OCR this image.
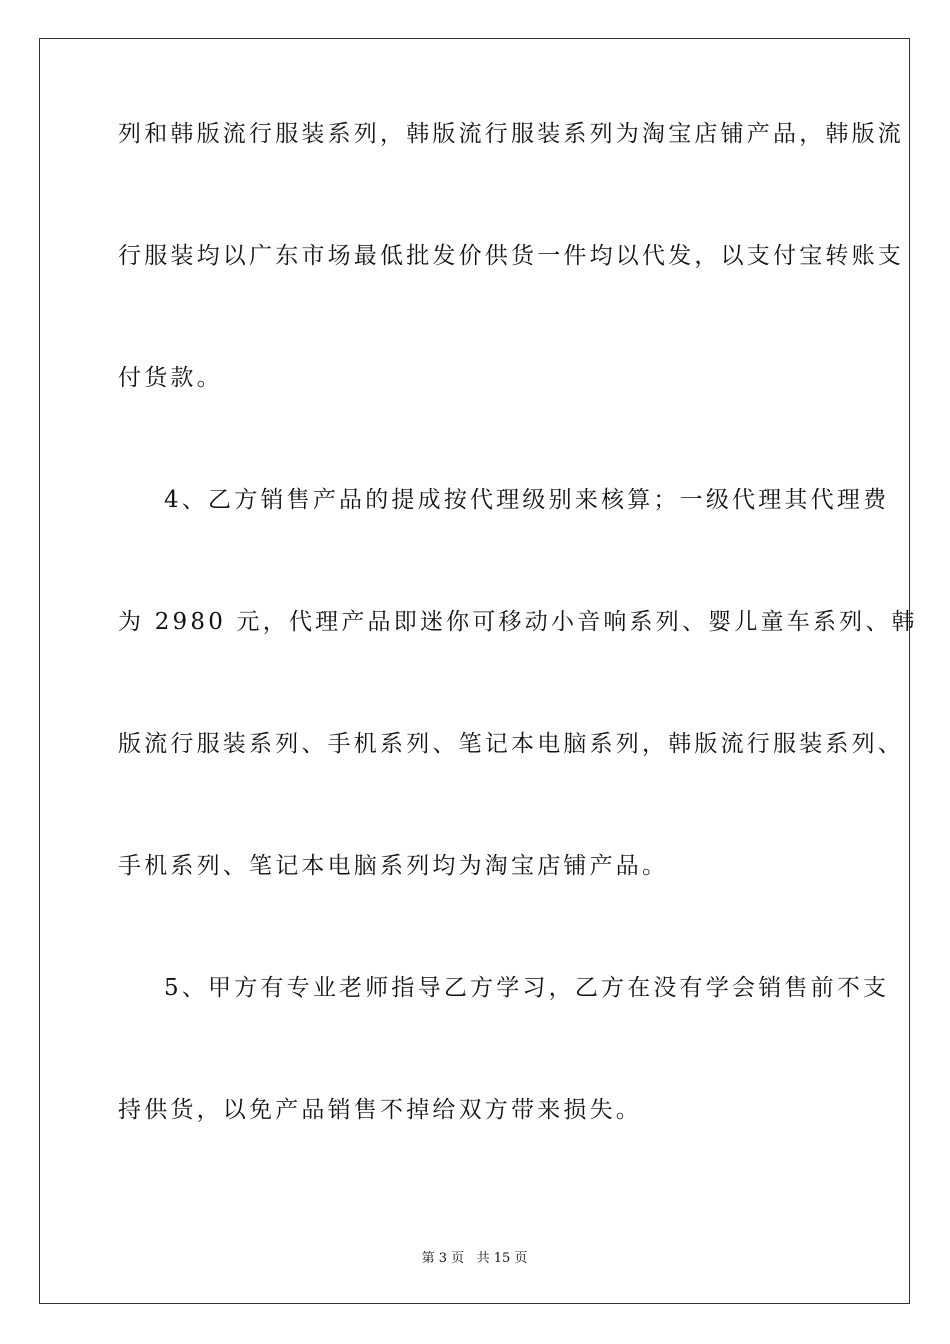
列和韩版流行服装系列，韩版流行服装系列为淘宝店铺产品，韩版流
行服装均以广东市场最低批发价供货一件均以代发，以支付宝转账支
付货款。
4、乙方销售产品的提成按代理级别来核算；一级代理其代理费
为 2980 元，代理产品即迷你可移动小音响系列、婴儿童车系列、韩
版流行服装系列、手机系列、笔记本电脑系列，韩版流行服装系列、
手机系列、笔记本电脑系列均为淘宝店铺产品。
5、甲方有专业老师指导乙方学习，乙方在没有学会销售前不支
持供货，以免产品销售不掉给双方带来损失。
第 3 页 共 15 页
